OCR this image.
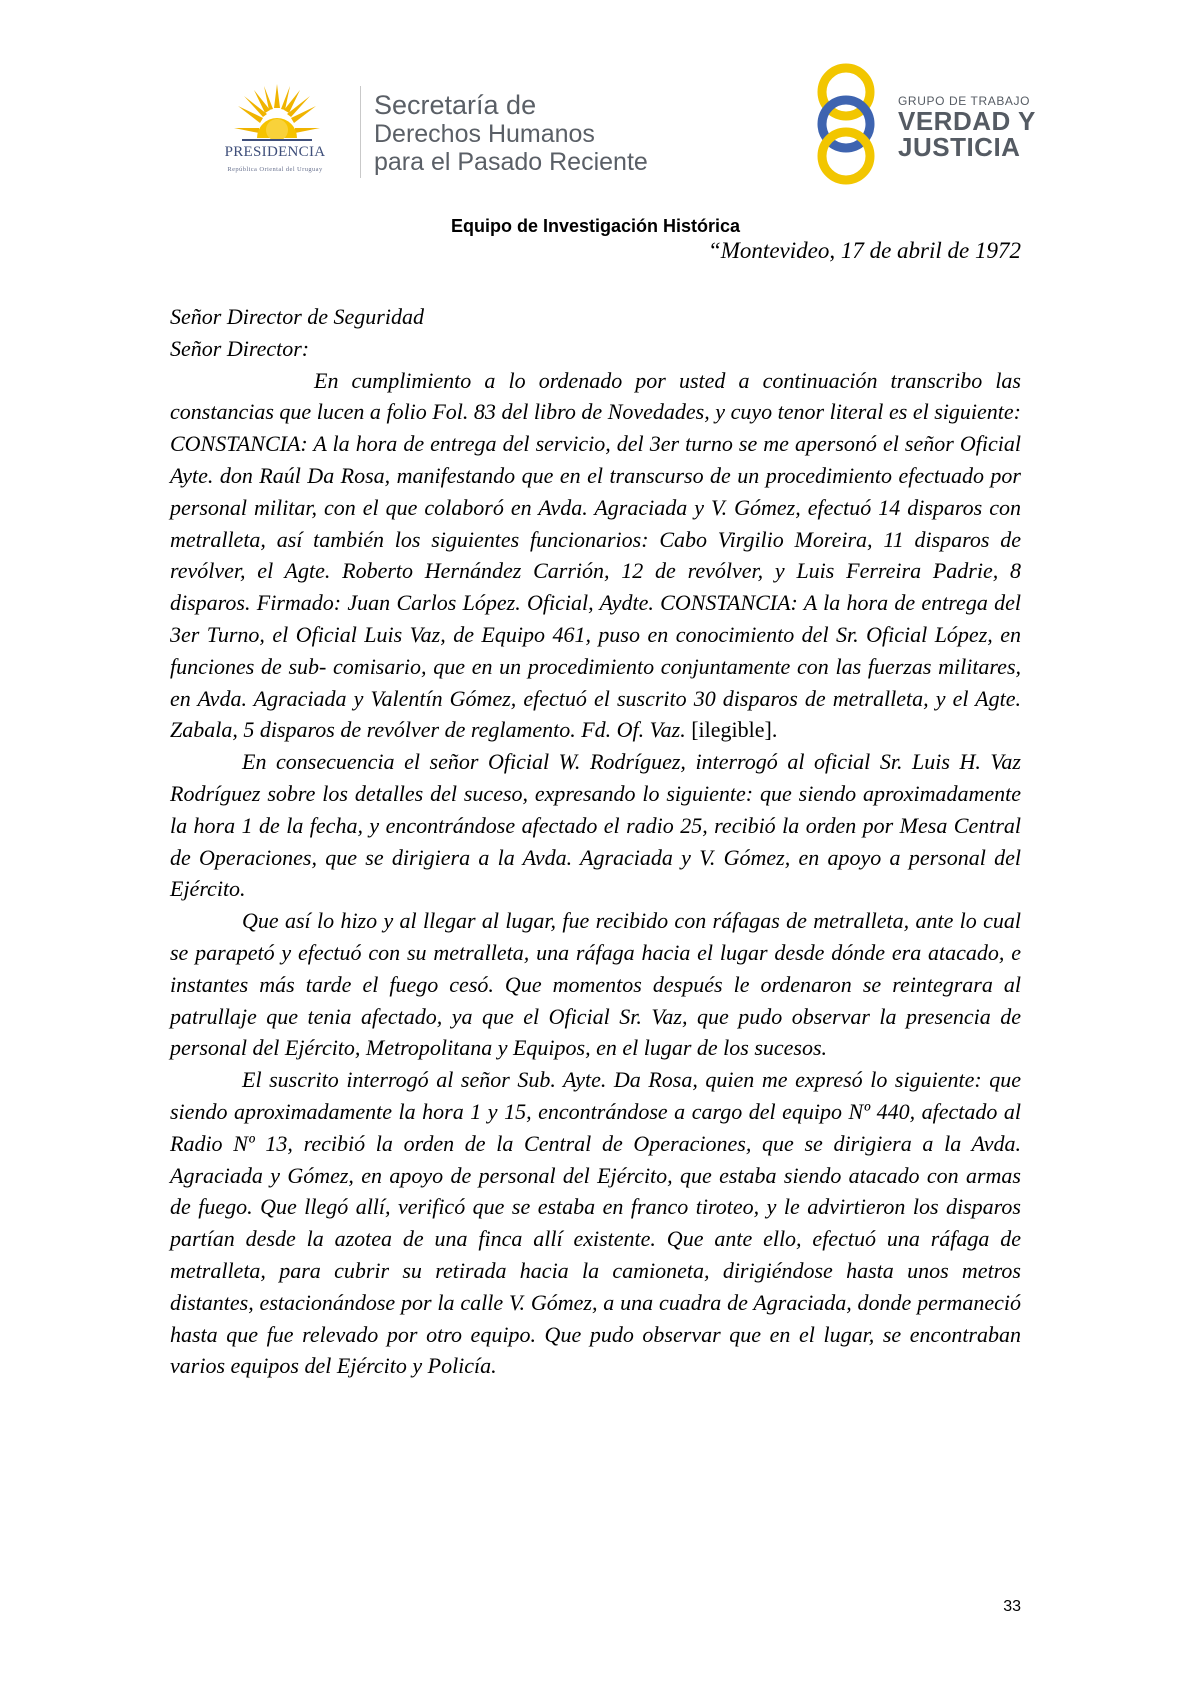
PRESIDENCIA
República Oriental del Uruguay
Secretaría de
Derechos Humanos
para el Pasado Reciente
GRUPO DE TRABAJO
VERDAD Y
JUSTICIA
Equipo de Investigación Histórica
“Montevideo, 17 de abril de 1972

Señor Director de Seguridad

Señor Director:

En cumplimiento a lo ordenado por usted a continuación transcribo las constancias que lucen a folio Fol. 83 del libro de Novedades, y cuyo tenor literal es el siguiente: CONSTANCIA: A la hora de entrega del servicio, del 3er turno se me apersonó el señor Oficial Ayte. don Raúl Da Rosa, manifestando que en el transcurso de un procedimiento efectuado por personal militar, con el que colaboró en Avda. Agraciada y V. Gómez, efectuó 14 disparos con metralleta, así también los siguientes funcionarios: Cabo Virgilio Moreira, 11 disparos de revólver, el Agte. Roberto Hernández Carrión, 12 de revólver, y Luis Ferreira Padrie, 8 disparos. Firmado: Juan Carlos López. Oficial, Aydte. CONSTANCIA: A la hora de entrega del 3er Turno, el Oficial Luis Vaz, de Equipo 461, puso en conocimiento del Sr. Oficial López, en funciones de sub- comisario, que en un procedimiento conjuntamente con las fuerzas militares, en Avda. Agraciada y Valentín Gómez, efectuó el suscrito 30 disparos de metralleta, y el Agte. Zabala, 5 disparos de revólver de reglamento. Fd. Of. Vaz. [ilegible].

En consecuencia el señor Oficial W. Rodríguez, interrogó al oficial Sr. Luis H. Vaz Rodríguez sobre los detalles del suceso, expresando lo siguiente: que siendo aproximadamente la hora 1 de la fecha, y encontrándose afectado el radio 25, recibió la orden por Mesa Central de Operaciones, que se dirigiera a la Avda. Agraciada y V. Gómez, en apoyo a personal del Ejército.

Que así lo hizo y al llegar al lugar, fue recibido con ráfagas de metralleta, ante lo cual se parapetó y efectuó con su metralleta, una ráfaga hacia el lugar desde dónde era atacado, e instantes más tarde el fuego cesó. Que momentos después le ordenaron se reintegrara al patrullaje que tenia afectado, ya que el Oficial Sr. Vaz, que pudo observar la presencia de personal del Ejército, Metropolitana y Equipos, en el lugar de los sucesos.

El suscrito interrogó al señor Sub. Ayte. Da Rosa, quien me expresó lo siguiente: que siendo aproximadamente la hora 1 y 15, encontrándose a cargo del equipo Nº 440, afectado al Radio Nº 13, recibió la orden de la Central de Operaciones, que se dirigiera a la Avda. Agraciada y Gómez, en apoyo de personal del Ejército, que estaba siendo atacado con armas de fuego. Que llegó allí, verificó que se estaba en franco tiroteo, y le advirtieron los disparos partían desde la azotea de una finca allí existente. Que ante ello, efectuó una ráfaga de metralleta, para cubrir su retirada hacia la camioneta, dirigiéndose hasta unos metros distantes, estacionándose por la calle V. Gómez, a una cuadra de Agraciada, donde permaneció hasta que fue relevado por otro equipo. Que pudo observar que en el lugar, se encontraban varios equipos del Ejército y Policía.

33
